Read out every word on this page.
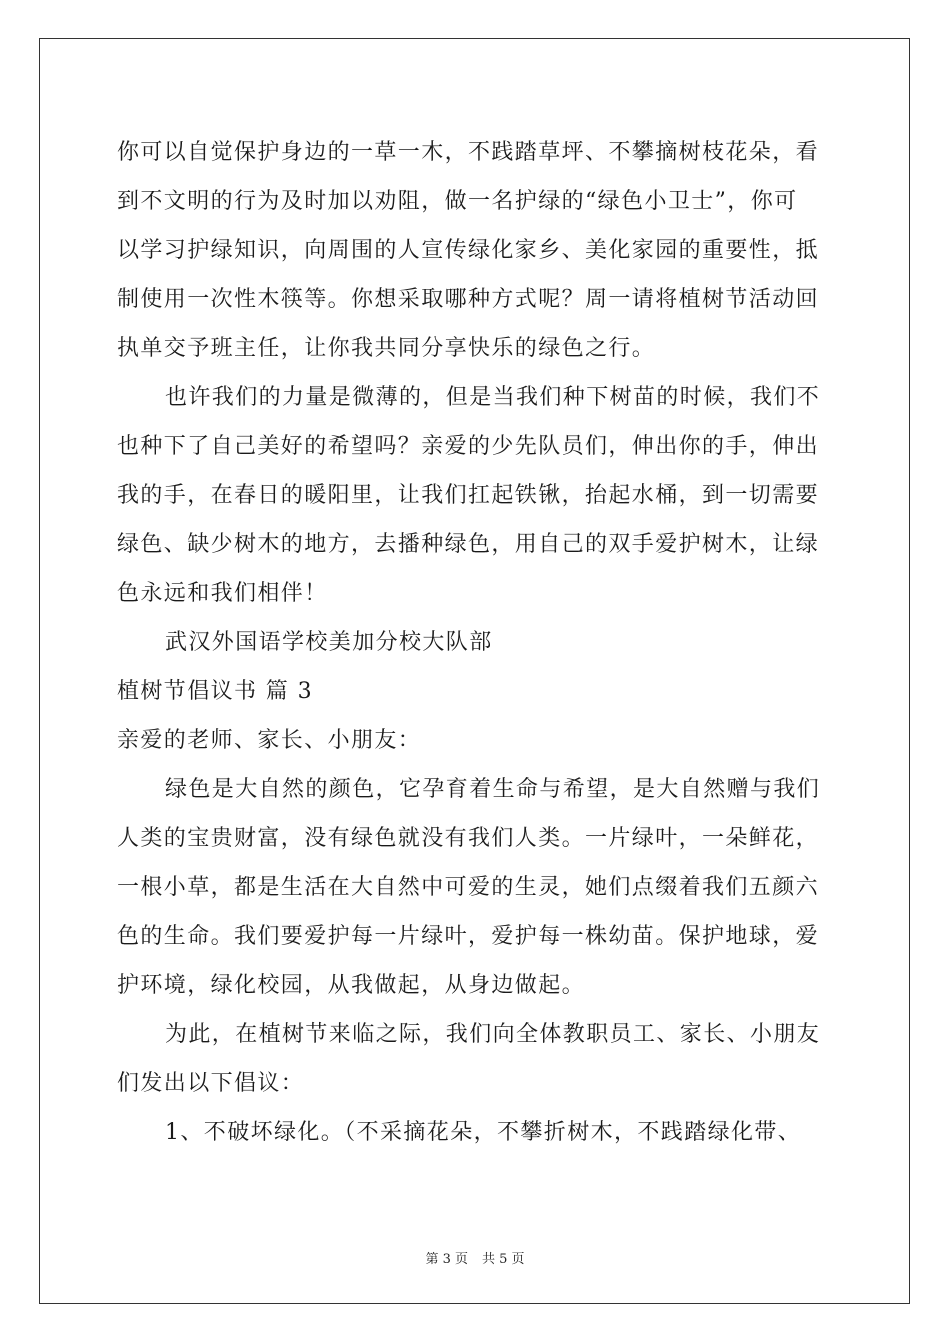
你可以自觉保护身边的一草一木，不践踏草坪、不攀摘树枝花朵，看
到不文明的行为及时加以劝阻，做一名护绿的“绿色小卫士”，你可
以学习护绿知识，向周围的人宣传绿化家乡、美化家园的重要性，抵
制使用一次性木筷等。你想采取哪种方式呢？周一请将植树节活动回
执单交予班主任，让你我共同分享快乐的绿色之行。
也许我们的力量是微薄的，但是当我们种下树苗的时候，我们不
也种下了自己美好的希望吗？亲爱的少先队员们，伸出你的手，伸出
我的手，在春日的暖阳里，让我们扛起铁锹，抬起水桶，到一切需要
绿色、缺少树木的地方，去播种绿色，用自己的双手爱护树木，让绿
色永远和我们相伴！
武汉外国语学校美加分校大队部
植树节倡议书 篇 3
亲爱的老师、家长、小朋友：
绿色是大自然的颜色，它孕育着生命与希望，是大自然赠与我们
人类的宝贵财富，没有绿色就没有我们人类。一片绿叶，一朵鲜花，
一根小草，都是生活在大自然中可爱的生灵，她们点缀着我们五颜六
色的生命。我们要爱护每一片绿叶，爱护每一株幼苗。保护地球，爱
护环境，绿化校园，从我做起，从身边做起。
为此，在植树节来临之际，我们向全体教职员工、家长、小朋友
们发出以下倡议：
1、不破坏绿化。（不采摘花朵，不攀折树木，不践踏绿化带、
第 3 页 共 5 页
